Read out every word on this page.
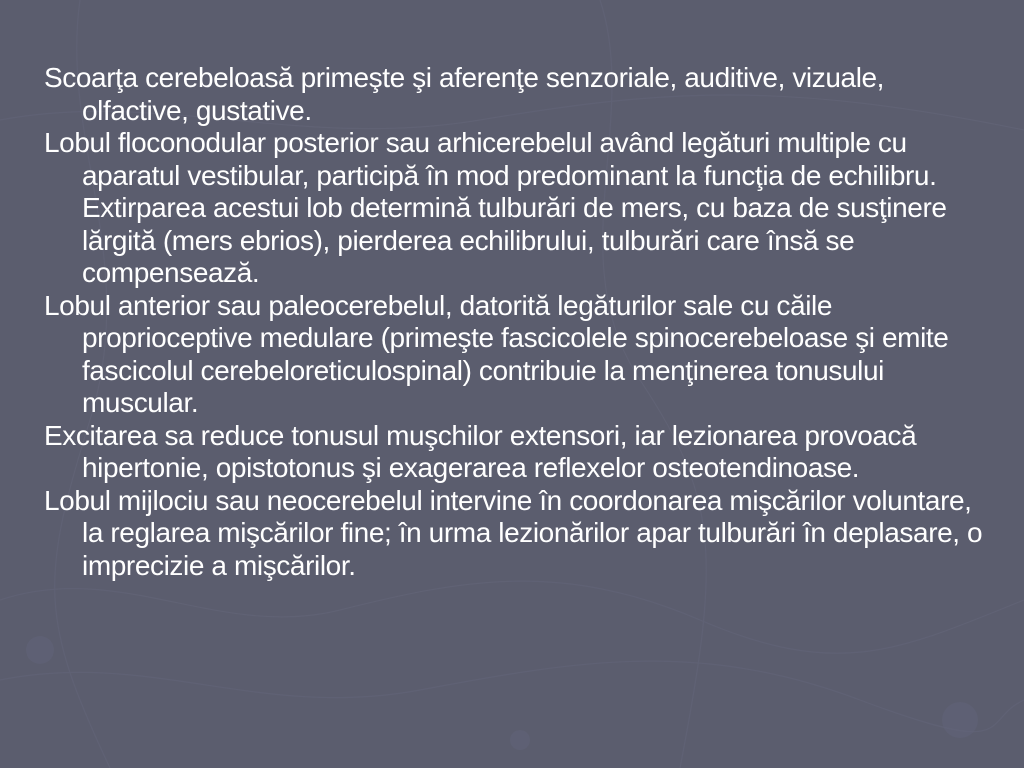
Scoarţa cerebeloasă primeşte şi aferenţe senzoriale, auditive, vizuale, olfactive, gustative.

Lobul floconodular posterior sau arhicerebelul având legături multiple cu aparatul vestibular, participă în mod predominant la funcţia de echilibru. Extirparea acestui lob determină tulburări de mers, cu baza de susţinere lărgită (mers ebrios), pierderea echilibrului, tulburări care însă se compensează.

Lobul anterior sau paleocerebelul, datorită legăturilor sale cu căile proprioceptive medulare (primeşte fascicolele spinocerebeloase şi emite fascicolul cerebeloreticulospinal) contribuie la menţinerea tonusului muscular.

Excitarea sa reduce tonusul muşchilor extensori, iar lezionarea provoacă hipertonie, opistotonus şi exagerarea reflexelor osteotendinoase.

Lobul mijlociu sau neocerebelul intervine în coordonarea mişcărilor voluntare, la reglarea mişcărilor fine; în urma lezionărilor apar tulburări în deplasare, o imprecizie a mişcărilor.
